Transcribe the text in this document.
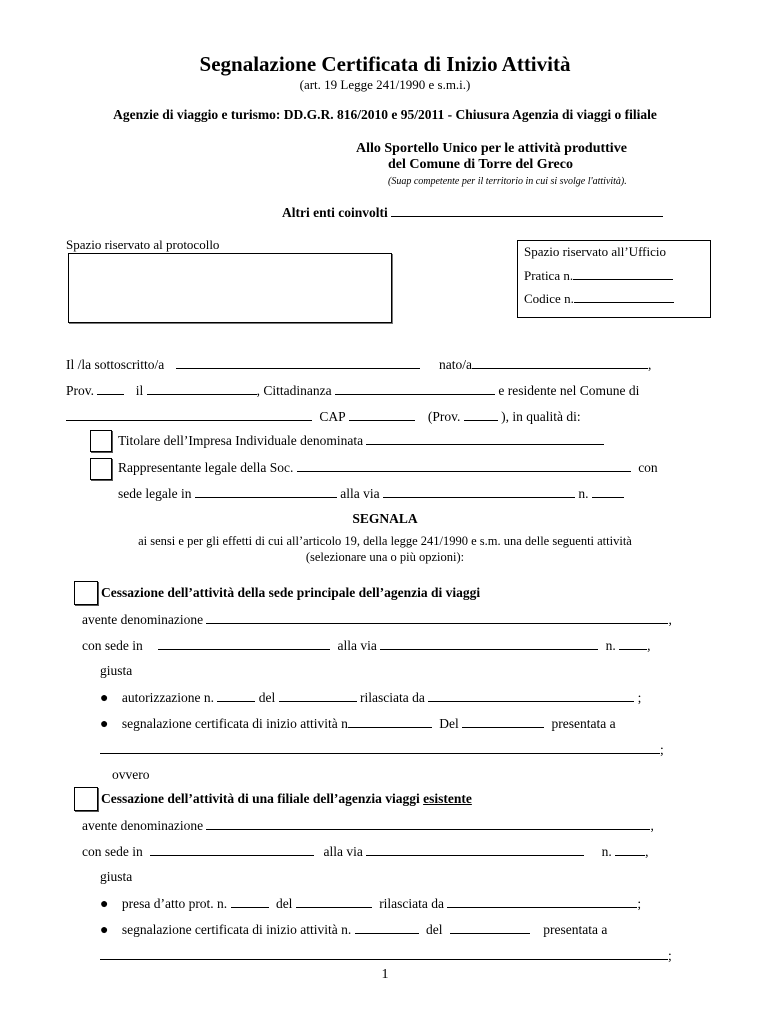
Segnalazione Certificata di Inizio Attività
(art. 19 Legge 241/1990 e s.m.i.)
Agenzie di viaggio e turismo: DD.G.R. 816/2010 e 95/2011 - Chiusura Agenzia di viaggi o filiale
Allo Sportello Unico per le attività produttive
del Comune di Torre del Greco
(Suap competente per il territorio in cui si svolge l'attività).
Altri enti coinvolti
Spazio riservato al protocollo	Spazio riservato all’Ufficio
Pratica n.
Codice n.
Il /la sottoscritto/a	nato/a	,
Prov.	il	, Cittadinanza	e residente nel Comune di
CAP	(Prov.	), in qualità di:
Titolare dell’Impresa Individuale denominata
Rappresentante legale della Soc.	con
sede legale in	alla via	n.
SEGNALA
ai sensi e per gli effetti di cui all’articolo 19, della legge 241/1990 e s.m. una delle seguenti attività
(selezionare una o più opzioni):
Cessazione dell’attività della sede principale dell’agenzia di viaggi
avente denominazione	,
con sede in	alla via	n. ,
giusta
● autorizzazione n.	del	rilasciata da	;
● segnalazione certificata di inizio attività n	Del	presentata a
;
ovvero
Cessazione dell’attività di una filiale dell’agenzia viaggi esistente
avente denominazione	,
con sede in	alla via	n. ,
giusta
● presa d’atto prot. n.	del	rilasciata da	;
● segnalazione certificata di inizio attività n.	del	presentata a
;
1
